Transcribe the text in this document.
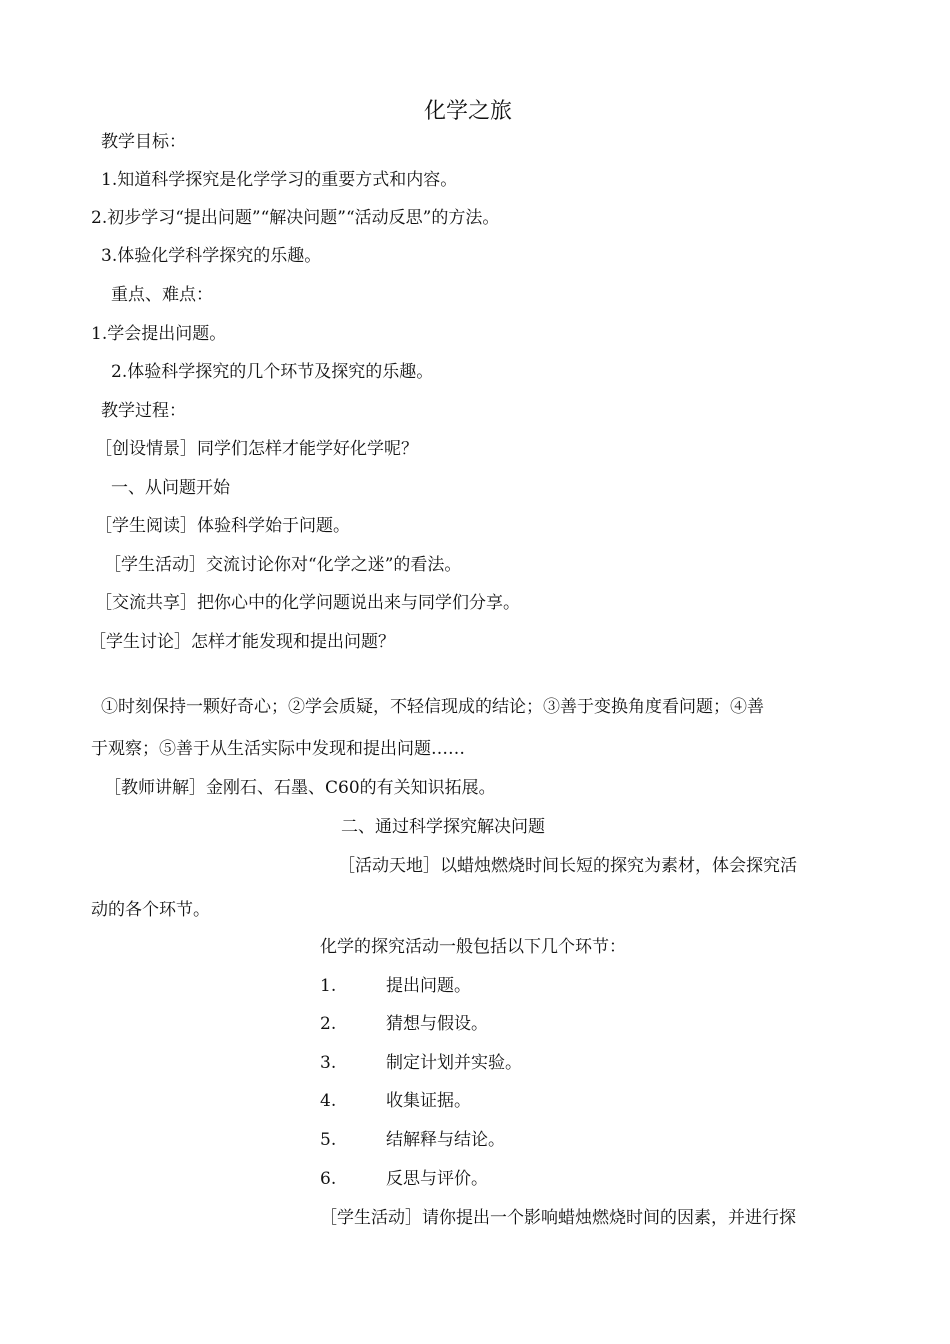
化学之旅
教学目标：
1.知道科学探究是化学学习的重要方式和内容。
2.初步学习“提出问题”“解决问题”“活动反思”的方法。
3.体验化学科学探究的乐趣。
重点、难点：
1.学会提出问题。
2.体验科学探究的几个环节及探究的乐趣。
教学过程：
［创设情景］同学们怎样才能学好化学呢？
一、从问题开始
［学生阅读］体验科学始于问题。
［学生活动］交流讨论你对“化学之迷”的看法。
［交流共享］把你心中的化学问题说出来与同学们分享。
［学生讨论］怎样才能发现和提出问题？
①时刻保持一颗好奇心；②学会质疑，不轻信现成的结论；③善于变换角度看问题；④善
于观察；⑤善于从生活实际中发现和提出问题……
［教师讲解］金刚石、石墨、C60的有关知识拓展。
二、通过科学探究解决问题
［活动天地］以蜡烛燃烧时间长短的探究为素材，体会探究活
动的各个环节。
化学的探究活动一般包括以下几个环节：
1.	提出问题。
2.	猜想与假设。
3.	制定计划并实验。
4.	收集证据。
5.	结解释与结论。
6.	反思与评价。
［学生活动］请你提出一个影响蜡烛燃烧时间的因素，并进行探
